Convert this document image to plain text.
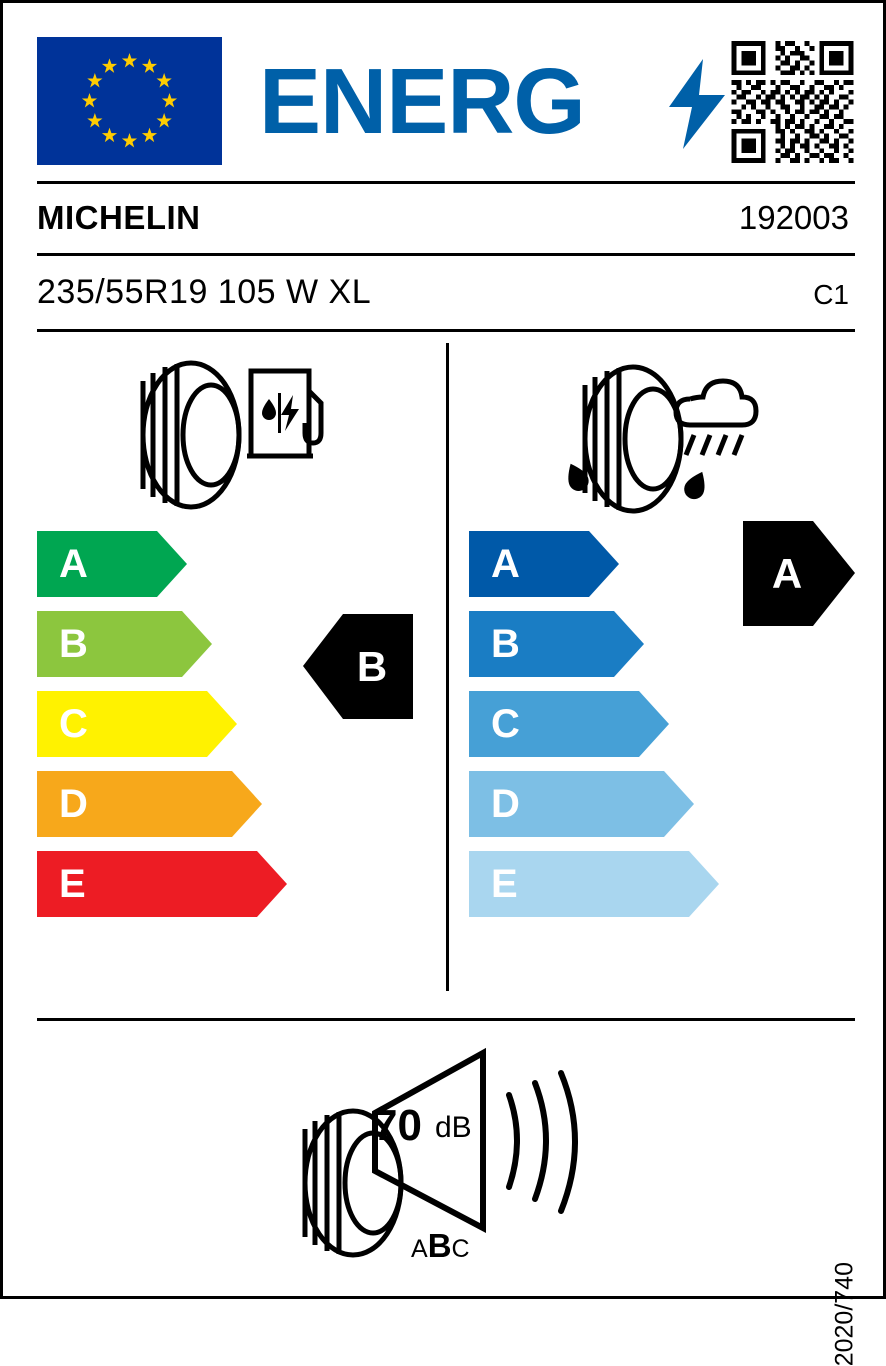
ENERG
MICHELIN	192003
235/55R19 105 W XL	C1
A
B
C
D
E
B
A
B
C
D
E
A
70 dB
ABC
2020/740
